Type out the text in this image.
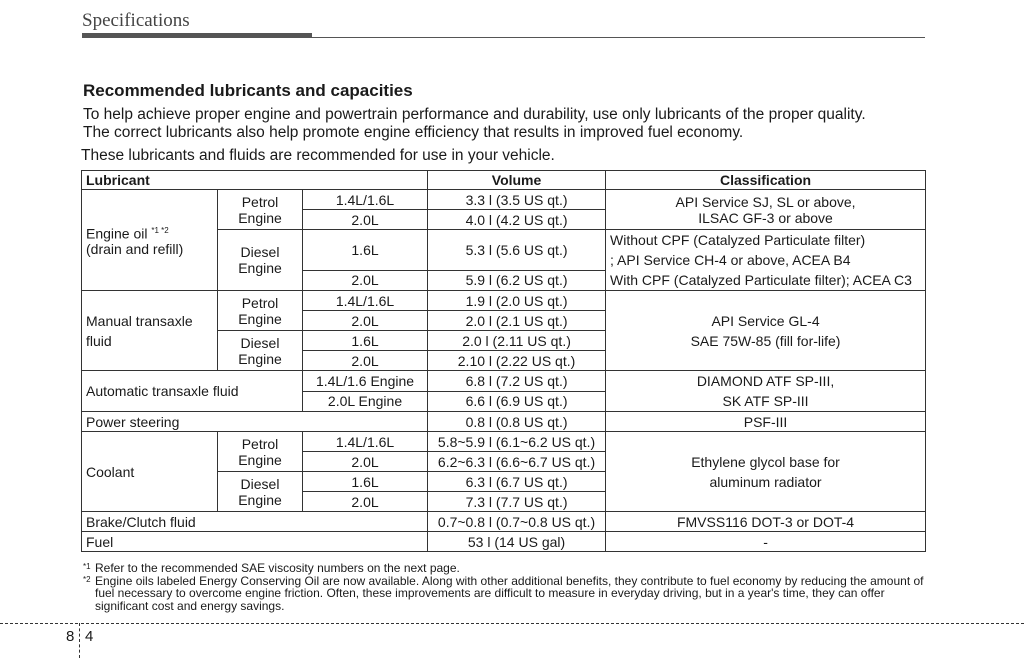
Specifications
Recommended lubricants and capacities
To help achieve proper engine and powertrain performance and durability, use only lubricants of the proper quality.
The correct lubricants also help promote engine efficiency that results in improved fuel economy.
These lubricants and fluids are recommended for use in your vehicle.
Lubricant			Volume	Classification
Engine oil $^{*1 *2}$
(drain and refill)	Petrol Engine	1.4L/1.6L	3.3 l (3.5 US qt.)	API Service SJ, SL or above,
ILSAC GF-3 or above

		2.0L	4.0 l (4.2 US qt.)	
	Diesel Engine	1.6L	5.3 l (5.6 US qt.)	Without CPF (Catalyzed Particulate filter)
; API Service CH-4 or above, ACEA B4
With CPF (Catalyzed Particulate filter); ACEA C3

		2.0L	5.9 l (6.2 US qt.)	

Manual transaxle
fluid	Petrol Engine	1.4L/1.6L	1.9 l (2.0 US qt.)	API Service GL-4
SAE 75W-85 (fill for-life)

		2.0L	2.0 l (2.1 US qt.)	
	Diesel Engine	1.6L	2.0 l (2.11 US qt.)	
		2.0L	2.10 l (2.22 US qt.)	
Automatic transaxle fluid		1.4L/1.6 Engine	6.8 l (7.2 US qt.)	DIAMOND ATF SP-III,
SK ATF SP-III

		2.0L Engine	6.6 l (6.9 US qt.)	
Power steering			0.8 l (0.8 US qt.)	PSF-III
Coolant	Petrol Engine	1.4L/1.6L	5.8~5.9 l (6.1~6.2 US qt.)	Ethylene glycol base for
aluminum radiator

		2.0L	6.2~6.3 l (6.6~6.7 US qt.)	
	Diesel Engine	1.6L	6.3 l (6.7 US qt.)	
		2.0L	7.3 l (7.7 US qt.)	
Brake/Clutch fluid			0.7~0.8 l (0.7~0.8 US qt.)	FMVSS116 DOT-3 or DOT-4
Fuel			53 l (14 US gal)	-
*1 Refer to the recommended SAE viscosity numbers on the next page.
*2 Engine oils labeled Energy Conserving Oil are now available. Along with other additional benefits, they contribute to fuel economy by reducing the amount of fuel necessary to overcome engine friction. Often, these improvements are difficult to measure in everyday driving, but in a year's time, they can offer significant cost and energy savings.
8 4
